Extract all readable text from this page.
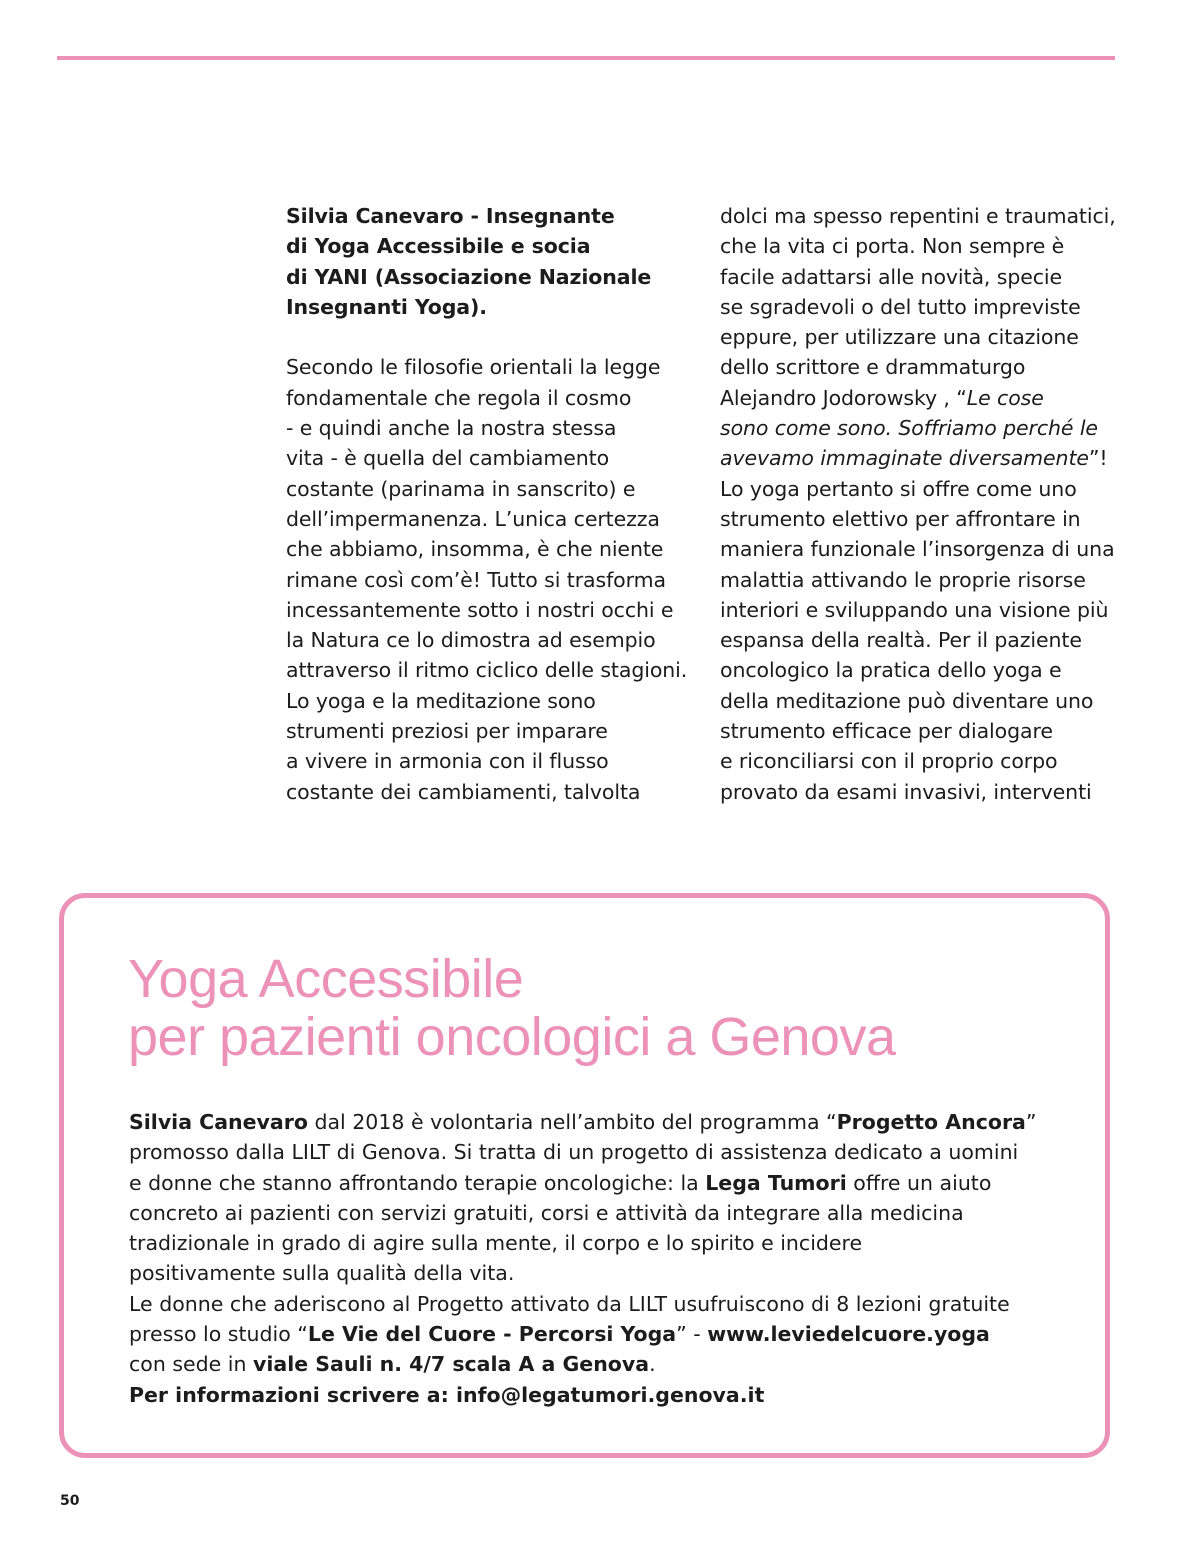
Silvia Canevaro - Insegnante
di Yoga Accessibile e socia
di YANI (Associazione Nazionale
Insegnanti Yoga).
Secondo le filosofie orientali la legge
fondamentale che regola il cosmo
- e quindi anche la nostra stessa
vita - è quella del cambiamento
costante (parinama in sanscrito) e
dell’impermanenza. L’unica certezza
che abbiamo, insomma, è che niente
rimane così com’è! Tutto si trasforma
incessantemente sotto i nostri occhi e
la Natura ce lo dimostra ad esempio
attraverso il ritmo ciclico delle stagioni.
Lo yoga e la meditazione sono
strumenti preziosi per imparare
a vivere in armonia con il flusso
costante dei cambiamenti, talvolta
dolci ma spesso repentini e traumatici,
che la vita ci porta. Non sempre è
facile adattarsi alle novità, specie
se sgradevoli o del tutto impreviste
eppure, per utilizzare una citazione
dello scrittore e drammaturgo
Alejandro Jodorowsky , “Le cose
sono come sono. Soffriamo perché le
avevamo immaginate diversamente”!
Lo yoga pertanto si offre come uno
strumento elettivo per affrontare in
maniera funzionale l’insorgenza di una
malattia attivando le proprie risorse
interiori e sviluppando una visione più
espansa della realtà. Per il paziente
oncologico la pratica dello yoga e
della meditazione può diventare uno
strumento efficace per dialogare
e riconciliarsi con il proprio corpo
provato da esami invasivi, interventi
Yoga Accessibile
per pazienti oncologici a Genova
Silvia Canevaro dal 2018 è volontaria nell’ambito del programma “Progetto Ancora”
promosso dalla LILT di Genova. Si tratta di un progetto di assistenza dedicato a uomini
e donne che stanno affrontando terapie oncologiche: la Lega Tumori offre un aiuto
concreto ai pazienti con servizi gratuiti, corsi e attività da integrare alla medicina
tradizionale in grado di agire sulla mente, il corpo e lo spirito e incidere
positivamente sulla qualità della vita.
Le donne che aderiscono al Progetto attivato da LILT usufruiscono di 8 lezioni gratuite
presso lo studio “Le Vie del Cuore - Percorsi Yoga” - www.leviedelcuore.yoga
con sede in viale Sauli n. 4/7 scala A a Genova.
Per informazioni scrivere a: info@legatumori.genova.it
50
